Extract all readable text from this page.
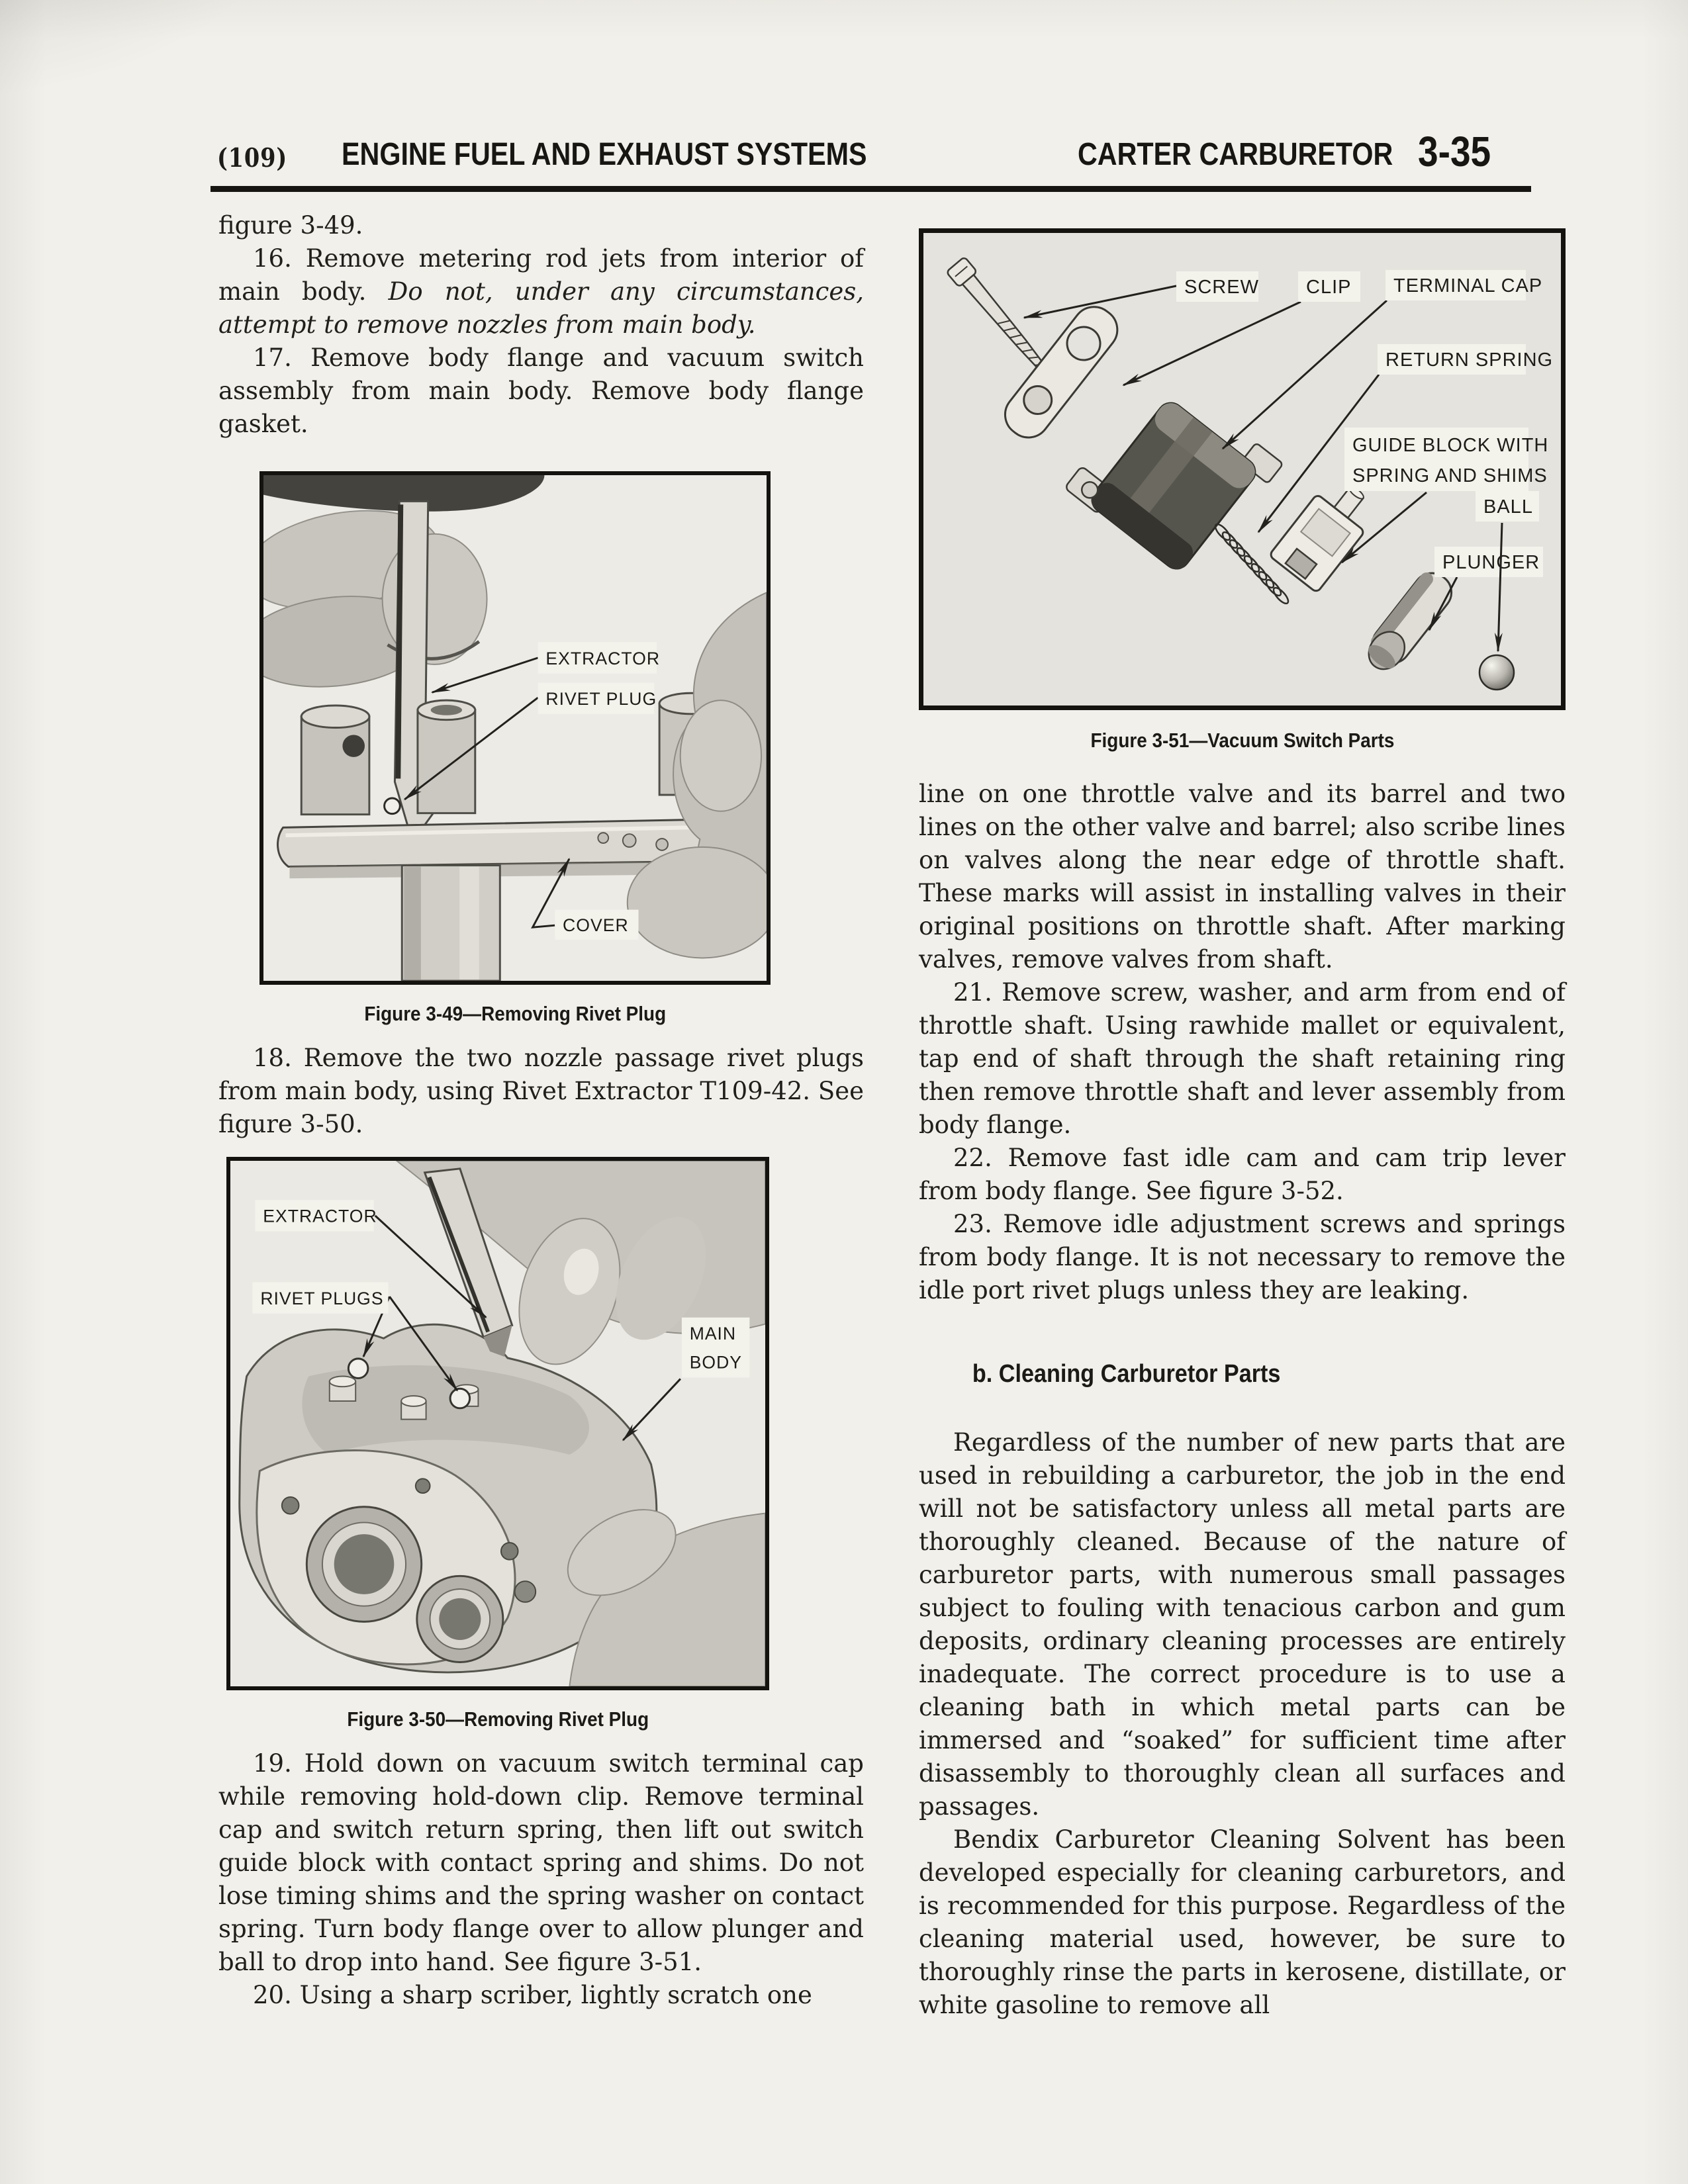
(109)	ENGINE FUEL AND EXHAUST SYSTEMS	CARTER CARBURETOR 3-35

figure 3-49.

16. Remove metering rod jets from interior of main body. Do not, under any circumstances, attempt to remove nozzles from main body.

17. Remove body flange and vacuum switch assembly from main body. Remove body flange gasket.

EXTRACTOR
RIVET PLUG
COVER
Figure 3-49—Removing Rivet Plug

18. Remove the two nozzle passage rivet plugs from main body, using Rivet Extractor T109-42. See figure 3-50.

EXTRACTOR
RIVET PLUGS
MAIN
BODY
Figure 3-50—Removing Rivet Plug

19. Hold down on vacuum switch terminal cap while removing hold-down clip. Remove terminal cap and switch return spring, then lift out switch guide block with contact spring and shims. Do not lose timing shims and the spring washer on contact spring. Turn body flange over to allow plunger and ball to drop into hand. See figure 3-51.

20. Using a sharp scriber, lightly scratch one

SCREW CLIP TERMINAL CAP
RETURN SPRING
GUIDE BLOCK WITH
SPRING AND SHIMS
PLUNGER
BALL
Figure 3-51—Vacuum Switch Parts

line on one throttle valve and its barrel and two lines on the other valve and barrel; also scribe lines on valves along the near edge of throttle shaft. These marks will assist in installing valves in their original positions on throttle shaft. After marking valves, remove valves from shaft.

21. Remove screw, washer, and arm from end of throttle shaft. Using rawhide mallet or equivalent, tap end of shaft through the shaft retaining ring then remove throttle shaft and lever assembly from body flange.

22. Remove fast idle cam and cam trip lever from body flange. See figure 3-52.

23. Remove idle adjustment screws and springs from body flange. It is not necessary to remove the idle port rivet plugs unless they are leaking.

b. Cleaning Carburetor Parts

Regardless of the number of new parts that are used in rebuilding a carburetor, the job in the end will not be satisfactory unless all metal parts are thoroughly cleaned. Because of the nature of carburetor parts, with numerous small passages subject to fouling with tenacious carbon and gum deposits, ordinary cleaning processes are entirely inadequate. The correct procedure is to use a cleaning bath in which metal parts can be immersed and “soaked” for sufficient time after disassembly to thoroughly clean all surfaces and passages.

Bendix Carburetor Cleaning Solvent has been developed especially for cleaning carburetors, and is recommended for this purpose. Regardless of the cleaning material used, however, be sure to thoroughly rinse the parts in kerosene, distillate, or white gasoline to remove all
